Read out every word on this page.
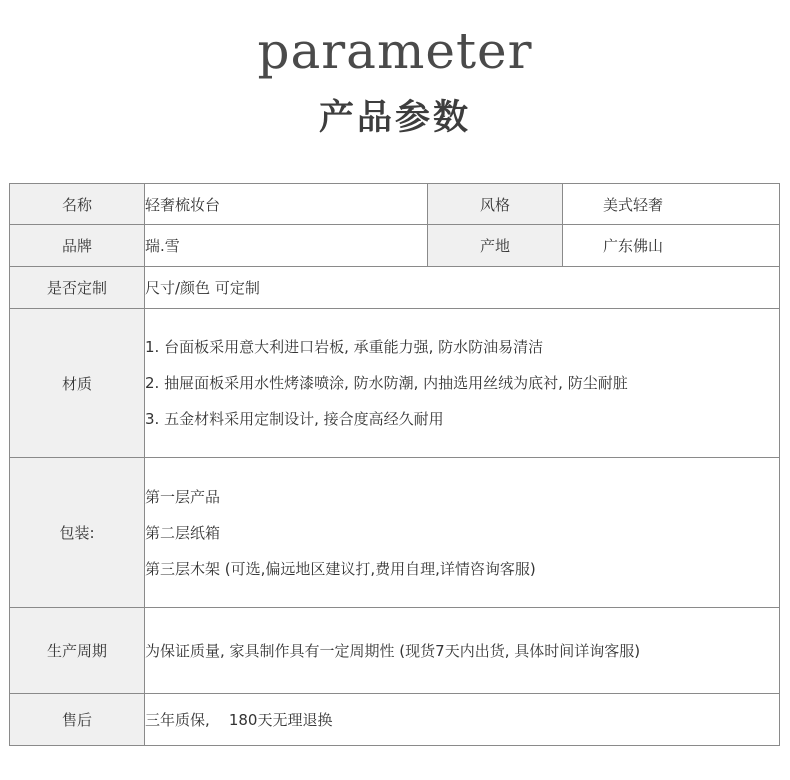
parameter
产品参数
名称	轻奢梳妆台	风格	美式轻奢
品牌	瑞.雪	产地	广东佛山
是否定制	尺寸/颜色 可定制		
材质	1. 台面板采用意大利进口岩板, 承重能力强, 防水防油易清洁
2. 抽屉面板采用水性烤漆喷涂, 防水防潮, 内抽选用丝绒为底衬, 防尘耐脏
3. 五金材料采用定制设计, 接合度高经久耐用		

包装:	第一层产品
第二层纸箱
第三层木架 (可选,偏远地区建议打,费用自理,详情咨询客服)		

生产周期	为保证质量, 家具制作具有一定周期性 (现货7天内出货, 具体时间详询客服)		
售后	三年质保,    180天无理退换		
